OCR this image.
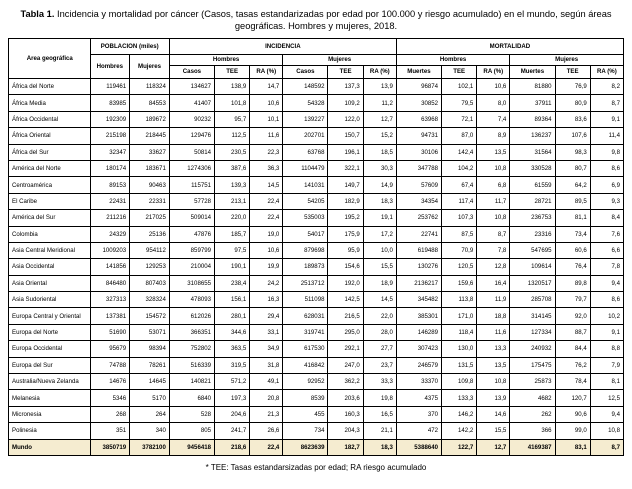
Tabla 1. Incidencia y mortalidad por cáncer (Casos, tasas estandarizadas por edad por 100.000 y riesgo acumulado) en el mundo, según áreas geográficas. Hombres y mujeres, 2018.
Area geográfica	POBLACION (miles)		INCIDENCIA						MORTALIDAD					
	Hombres	Mujeres	Hombres			Mujeres			Hombres			Mujeres		
			Casos	TEE	RA (%)	Casos	TEE	RA (%)	Muertes	TEE	RA (%)	Muertes	TEE	RA (%)
África del Norte	119461	118324	134627	138,9	14,7	148592	137,3	13,9	96874	102,1	10,6	81880	76,9	8,2
África Media	83985	84553	41407	101,8	10,6	54328	109,2	11,2	30852	79,5	8,0	37911	80,9	8,7
África Occidental	192309	189672	90232	95,7	10,1	139227	122,0	12,7	63968	72,1	7,4	89364	83,6	9,1
África Oriental	215198	218445	129476	112,5	11,6	202701	150,7	15,2	94731	87,0	8,9	136237	107,6	11,4
África del Sur	32347	33627	50814	230,5	22,3	63768	196,1	18,5	30106	142,4	13,5	31564	98,3	9,8
América del Norte	180174	183671	1274306	387,6	36,3	1104479	322,1	30,3	347788	104,2	10,8	330528	80,7	8,6
Centroamérica	89153	90463	115751	139,3	14,5	141031	149,7	14,9	57609	67,4	6,8	61559	64,2	6,9
El Caribe	22431	22331	57728	213,1	22,4	54205	182,9	18,3	34354	117,4	11,7	28721	89,5	9,3
América del Sur	211216	217025	509014	220,0	22,4	535003	195,2	19,1	253762	107,3	10,8	236753	81,1	8,4
Colombia	24329	25136	47876	185,7	19,0	54017	175,9	17,2	22741	87,5	8,7	23316	73,4	7,6
Asia Central Meridional	1009203	954112	859799	97,5	10,6	879698	95,9	10,0	619488	70,9	7,8	547695	60,6	6,6
Asia Occidental	141856	129253	210004	190,1	19,9	189873	154,6	15,5	130276	120,5	12,8	109614	76,4	7,8
Asia Oriental	846480	807403	3108655	238,4	24,2	2513712	192,0	18,9	2136217	159,6	16,4	1320517	89,8	9,4
Asia Sudoriental	327313	328324	478093	156,1	16,3	511098	142,5	14,5	345482	113,8	11,9	285708	79,7	8,6
Europa Central y Oriental	137381	154572	612026	280,1	29,4	628031	216,5	22,0	385301	171,0	18,8	314145	92,0	10,2
Europa del Norte	51690	53071	366351	344,6	33,1	319741	295,0	28,0	146289	118,4	11,6	127334	88,7	9,1
Europa Occidental	95679	98394	752802	363,5	34,9	617530	292,1	27,7	307423	130,0	13,3	240932	84,4	8,8
Europa del Sur	74788	78261	516339	319,5	31,8	416842	247,0	23,7	246579	131,5	13,5	175475	76,2	7,9
Australia/Nueva Zelanda	14676	14645	140821	571,2	49,1	92952	362,2	33,3	33370	109,8	10,8	25873	78,4	8,1
Melanesia	5346	5170	6840	197,3	20,8	8539	203,6	19,8	4375	133,3	13,9	4682	120,7	12,5
Micronesia	268	264	528	204,6	21,3	455	160,3	16,5	370	146,2	14,6	262	90,6	9,4
Polinesia	351	340	805	241,7	26,6	734	204,3	21,1	472	142,2	15,5	366	99,0	10,8
Mundo	3850719	3782100	9456418	218,6	22,4	8623639	182,7	18,3	5388640	122,7	12,7	4169387	83,1	8,7
* TEE: Tasas estandarsizadas por edad; RA riesgo acumulado
